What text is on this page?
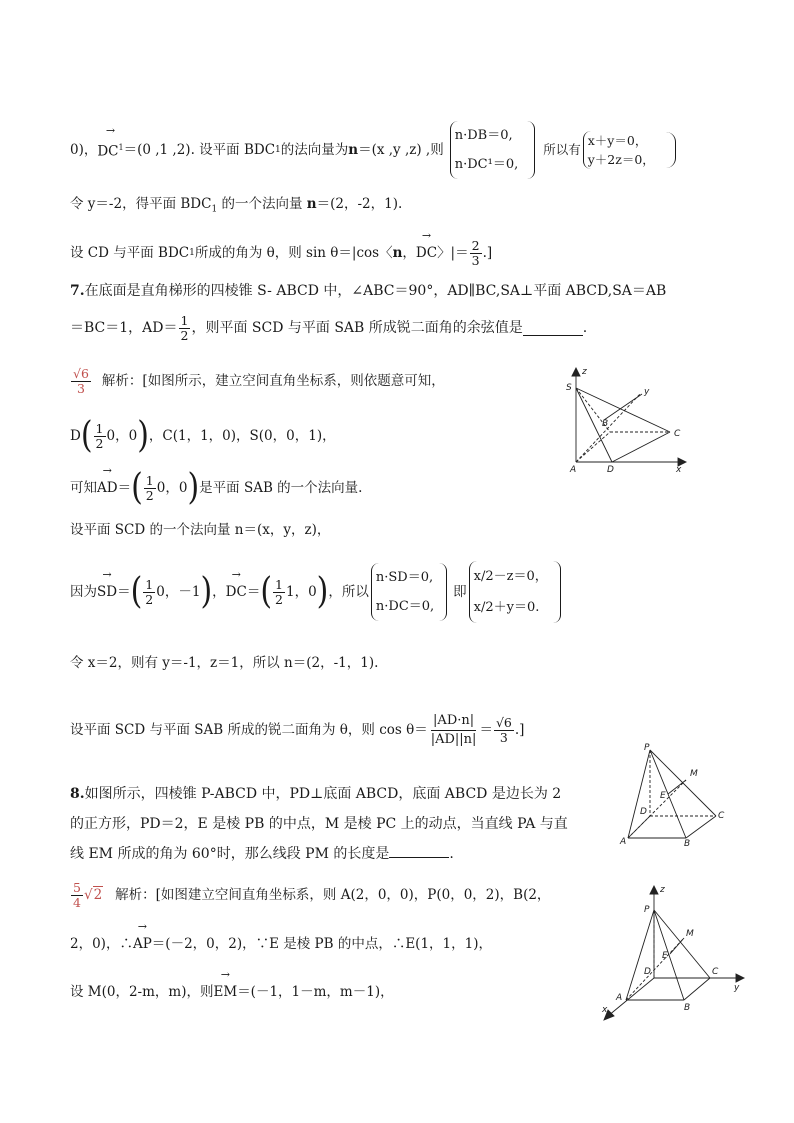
0)， → $DC^1 =(0$ ,1 ,2). 设平面 BDC 1 的法向量为 n ＝(x ,y ,z) ,则
n·DB＝0,
n·DC¹＝0,
所以有
x＋y＝0，
y＋2z＝0，
令 y＝-2，得平面 $BDC_1$ 的一个法向量 n＝(2，-2，1).
设 CD 与平面 BDC 1 所成的角为 θ，则 sin θ＝|cos〈 n ， → DC 〉|＝ $\frac{2}{3}$ .]
7.在底面是直角梯形的四棱锥 S- ABCD 中，∠ABC＝90°，AD∥BC,SA⊥平面 ABCD,SA＝AB
＝BC＝1，$AD= \frac{1}{2}$ ，则平面 SCD 与平面 SAB 所成锐二面角的余弦值是	.
$\frac{√6}{3}$ 解析：[如图所示，建立空间直角坐标系，则依题意可知，
D ( $\frac{1}{2} 0$，0 ) ，C(1，1，0)，S(0，0，1)，
可知 → AD ＝ ( $\frac{1}{2} 0$，0 ) 是平面 SAB 的一个法向量.
设平面 SCD 的一个法向量 n＝(x，y，z)，
因为 → SD ＝ ( $\frac{1}{2} 0$，－1 ) ， → DC ＝ ( $\frac{1}{2} 1$，0 ) ，所以
n·SD＝0,
n·DC＝0,
即
x/2－z＝0，
x/2＋y＝0.
令 x＝2，则有 y＝-1，z＝1，所以 n＝(2，-1，1).
设平面 SCD 与平面 SAB 所成的锐二面角为 θ，则 $\cos \theta= \frac{|AD\cdot n|}{|AD||n|} = \frac{√6}{3}$ .]
8.如图所示，四棱锥 P-ABCD 中，PD⊥底面 ABCD，底面 ABCD 是边长为 2
的正方形，PD＝2，E 是棱 PB 的中点，M 是棱 PC 上的动点，当直线 PA 与直
线 EM 所成的角为 60°时，那么线段 PM 的长度是	.
$\frac{5}{4} √2$ 解析：[如图建立空间直角坐标系，则 A(2，0，0)，P(0，0，2)，B(2，
2，0)，∴→ AP＝(－2，0，2)，∵E 是棱 PB 的中点，∴E(1，1，1)，
设 M(0，2-m，m)，则→ EM＝(－1，1－m，m－1)，
S
z
y
B
C
A	D	x
P
M
E
D	C
A	B
z
P
M
E
D	C
y
A
B
x
